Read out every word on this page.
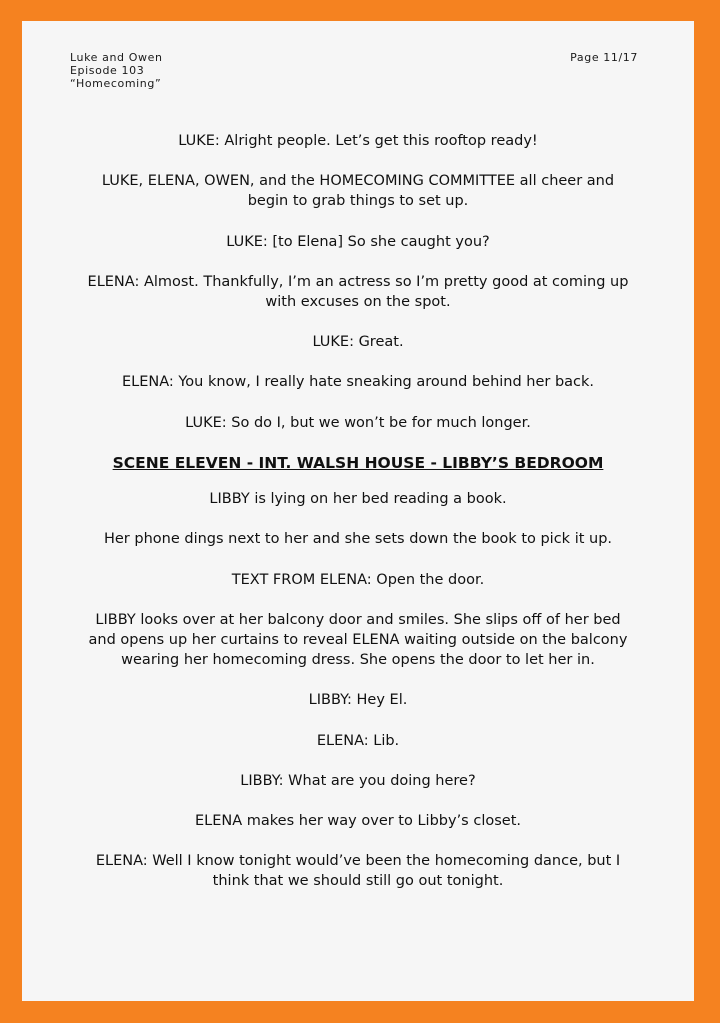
Luke and Owen
Episode 103
“Homecoming”
Page 11/17

LUKE: Alright people. Let’s get this rooftop ready!

LUKE, ELENA, OWEN, and the HOMECOMING COMMITTEE all cheer and begin to grab things to set up.

LUKE: [to Elena] So she caught you?

ELENA: Almost. Thankfully, I’m an actress so I’m pretty good at coming up with excuses on the spot.

LUKE: Great.

ELENA: You know, I really hate sneaking around behind her back.

LUKE: So do I, but we won’t be for much longer.

SCENE ELEVEN - INT. WALSH HOUSE - LIBBY’S BEDROOM

LIBBY is lying on her bed reading a book.

Her phone dings next to her and she sets down the book to pick it up.

TEXT FROM ELENA: Open the door.

LIBBY looks over at her balcony door and smiles. She slips off of her bed and opens up her curtains to reveal ELENA waiting outside on the balcony wearing her homecoming dress. She opens the door to let her in.

LIBBY: Hey El.

ELENA: Lib.

LIBBY: What are you doing here?

ELENA makes her way over to Libby’s closet.

ELENA: Well I know tonight would’ve been the homecoming dance, but I think that we should still go out tonight.
